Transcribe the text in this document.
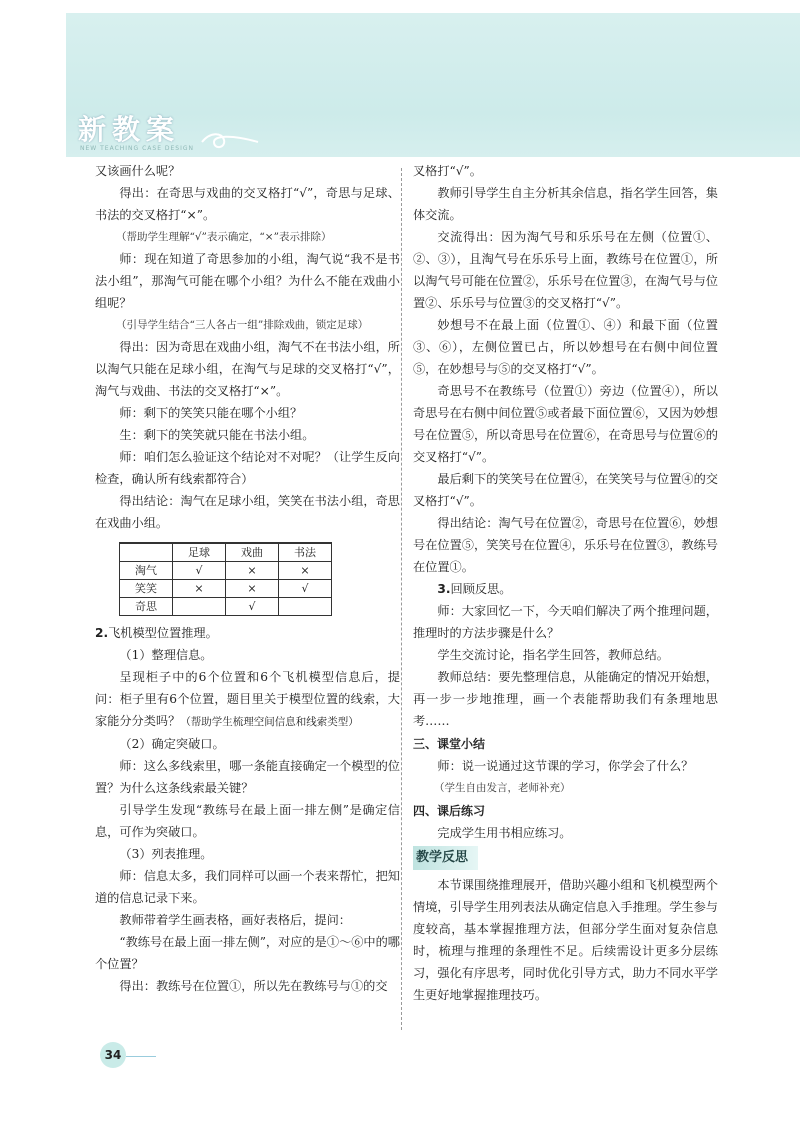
新教案
NEW TEACHING CASE DESIGN

又该画什么呢？

得出：在奇思与戏曲的交叉格打“√”，奇思与足球、书法的交叉格打“×”。

（帮助学生理解“√”表示确定，“×”表示排除）

师：现在知道了奇思参加的小组，淘气说“我不是书法小组”，那淘气可能在哪个小组？为什么不能在戏曲小组呢？

（引导学生结合“三人各占一组”排除戏曲，锁定足球）

得出：因为奇思在戏曲小组，淘气不在书法小组，所以淘气只能在足球小组，在淘气与足球的交叉格打“√”，淘气与戏曲、书法的交叉格打“×”。

师：剩下的笑笑只能在哪个小组？

生：剩下的笑笑就只能在书法小组。

师：咱们怎么验证这个结论对不对呢？（让学生反向检查，确认所有线索都符合）

得出结论：淘气在足球小组，笑笑在书法小组，奇思在戏曲小组。

	足球	戏曲	书法
淘气	√	×	×
笑笑	×	×	√
奇思		√	

2.飞机模型位置推理。

（1）整理信息。

呈现柜子中的6个位置和6个飞机模型信息后，提问：柜子里有6个位置，题目里关于模型位置的线索，大家能分分类吗？（帮助学生梳理空间信息和线索类型）

（2）确定突破口。

师：这么多线索里，哪一条能直接确定一个模型的位置？为什么这条线索最关键？

引导学生发现“教练号在最上面一排左侧”是确定信息，可作为突破口。

（3）列表推理。

师：信息太多，我们同样可以画一个表来帮忙，把知道的信息记录下来。

教师带着学生画表格，画好表格后，提问：

“教练号在最上面一排左侧”，对应的是①～⑥中的哪个位置？

得出：教练号在位置①，所以先在教练号与①的交

叉格打“√”。

教师引导学生自主分析其余信息，指名学生回答，集体交流。

交流得出：因为淘气号和乐乐号在左侧（位置①、②、③），且淘气号在乐乐号上面，教练号在位置①，所以淘气号可能在位置②，乐乐号在位置③，在淘气号与位置②、乐乐号与位置③的交叉格打“√”。

妙想号不在最上面（位置①、④）和最下面（位置③、⑥），左侧位置已占，所以妙想号在右侧中间位置⑤，在妙想号与⑤的交叉格打“√”。

奇思号不在教练号（位置①）旁边（位置④），所以奇思号在右侧中间位置⑤或者最下面位置⑥，又因为妙想号在位置⑤，所以奇思号在位置⑥，在奇思号与位置⑥的交叉格打“√”。

最后剩下的笑笑号在位置④，在笑笑号与位置④的交叉格打“√”。

得出结论：淘气号在位置②，奇思号在位置⑥，妙想号在位置⑤，笑笑号在位置④，乐乐号在位置③，教练号在位置①。

3.回顾反思。

师：大家回忆一下，今天咱们解决了两个推理问题，推理时的方法步骤是什么？

学生交流讨论，指名学生回答，教师总结。

教师总结：要先整理信息，从能确定的情况开始想，再一步一步地推理，画一个表能帮助我们有条理地思考……

三、课堂小结

师：说一说通过这节课的学习，你学会了什么？

（学生自由发言，老师补充）

四、课后练习

完成学生用书相应练习。

教学反思

本节课围绕推理展开，借助兴趣小组和飞机模型两个情境，引导学生用列表法从确定信息入手推理。学生参与度较高，基本掌握推理方法，但部分学生面对复杂信息时，梳理与推理的条理性不足。后续需设计更多分层练习，强化有序思考，同时优化引导方式，助力不同水平学生更好地掌握推理技巧。

34
